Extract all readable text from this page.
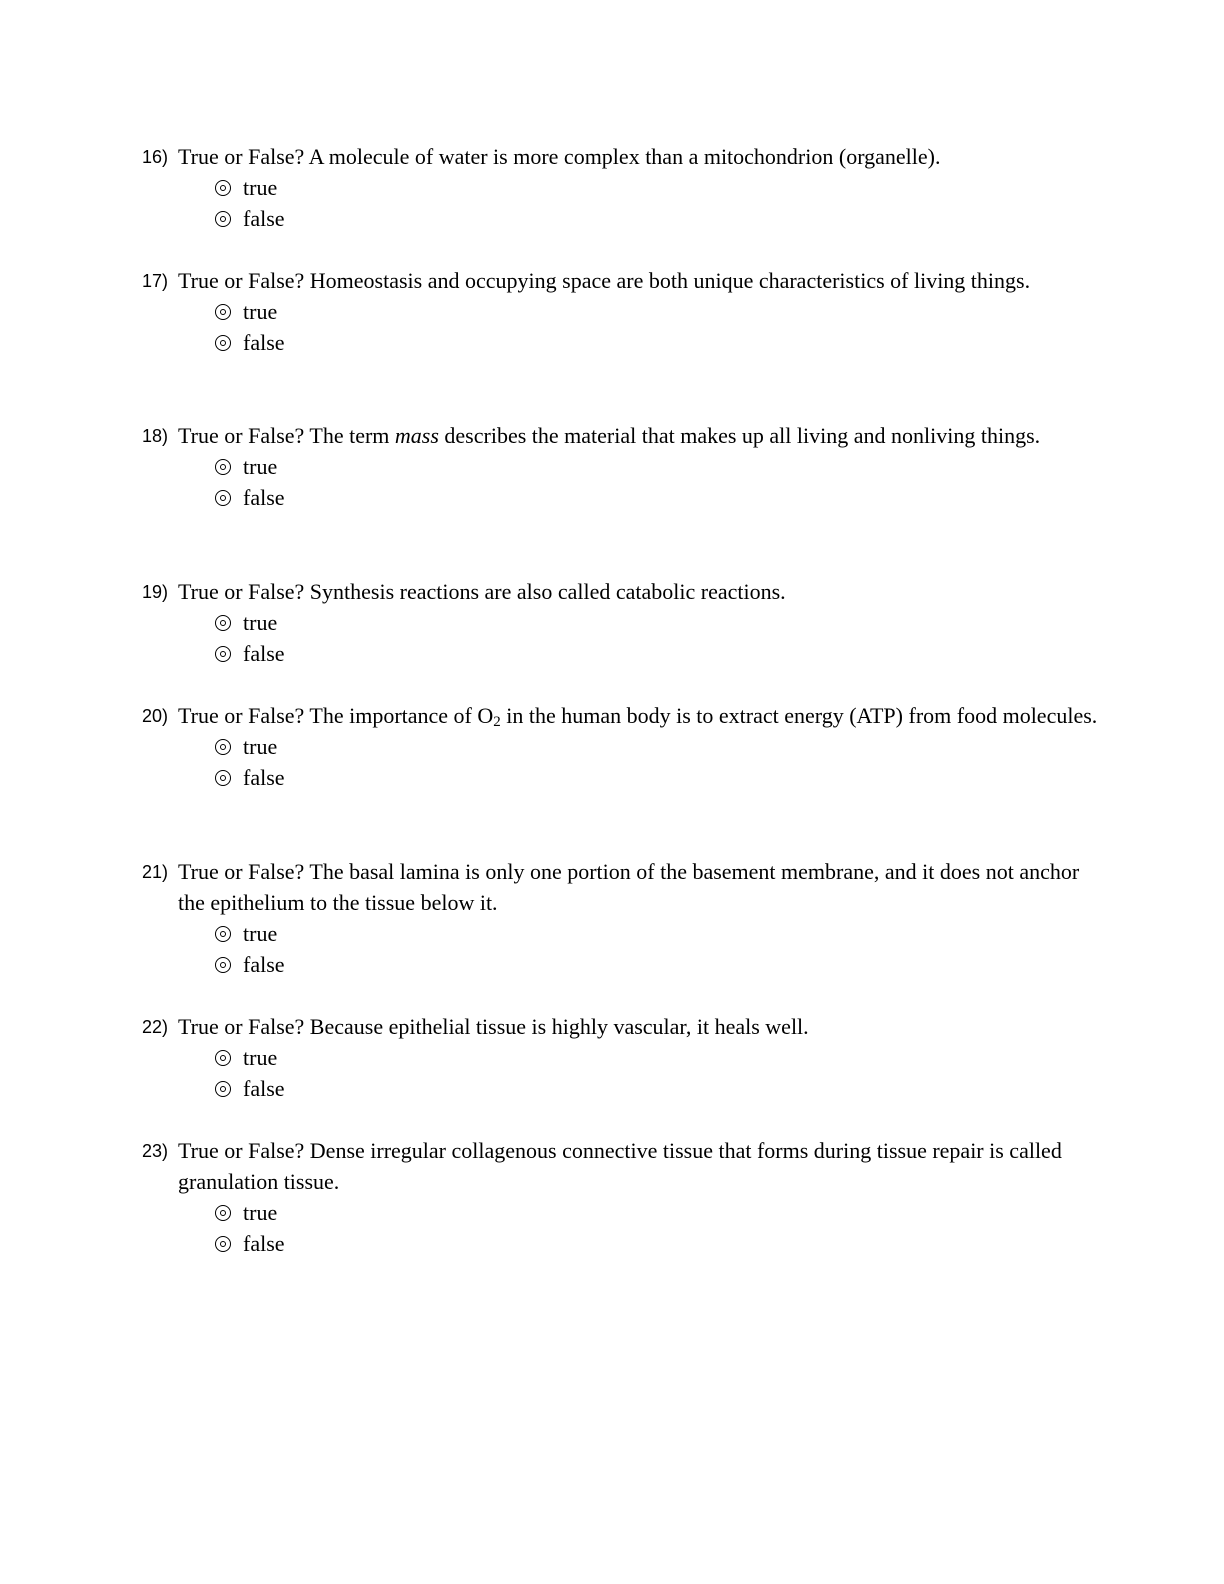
16) True or False? A molecule of water is more complex than a mitochondrion (organelle).
true
false
17) True or False? Homeostasis and occupying space are both unique characteristics of living things.
true
false
18) True or False? The term mass describes the material that makes up all living and nonliving things.
true
false
19) True or False? Synthesis reactions are also called catabolic reactions.
true
false
20) True or False? The importance of $O_2$ in the human body is to extract energy (ATP) from food molecules.
true
false
21) True or False? The basal lamina is only one portion of the basement membrane, and it does not anchor the epithelium to the tissue below it.
true
false
22) True or False? Because epithelial tissue is highly vascular, it heals well.
true
false
23) True or False? Dense irregular collagenous connective tissue that forms during tissue repair is called granulation tissue.
true
false
